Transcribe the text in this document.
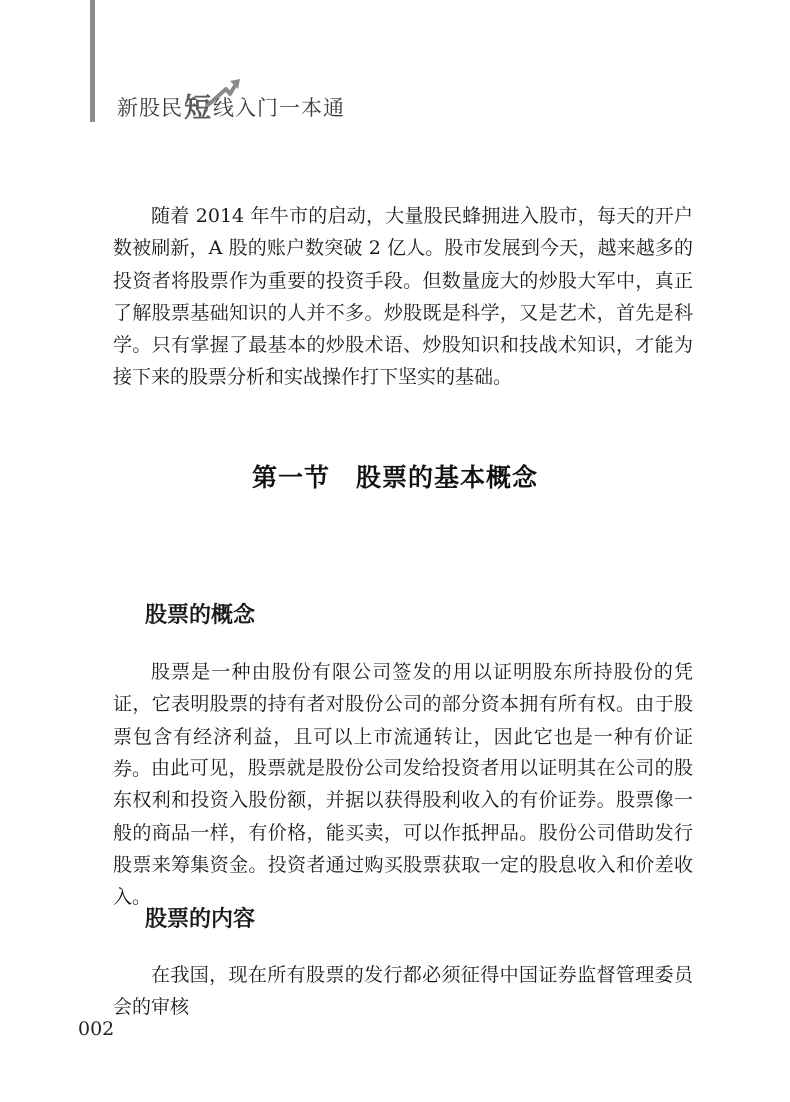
新股民 短 线入门一本通

随着 2014 年牛市的启动，大量股民蜂拥进入股市，每天的开户数被刷新，A 股的账户数突破 2 亿人。股市发展到今天，越来越多的投资者将股票作为重要的投资手段。但数量庞大的炒股大军中，真正了解股票基础知识的人并不多。炒股既是科学，又是艺术，首先是科学。只有掌握了最基本的炒股术语、炒股知识和技战术知识，才能为接下来的股票分析和实战操作打下坚实的基础。

第一节　股票的基本概念
股票的概念

股票是一种由股份有限公司签发的用以证明股东所持股份的凭证，它表明股票的持有者对股份公司的部分资本拥有所有权。由于股票包含有经济利益，且可以上市流通转让，因此它也是一种有价证券。 由此可见，股票就是股份公司发给投资者用以证明其在公司的股东权利和投资入股份额，并据以获得股利收入的有价证券。股票像一般的商品一样，有价格，能买卖，可以作抵押品。股份公司借助发行股票来筹集资金。投资者通过购买股票获取一定的股息收入和价差收入。

股票的内容

在我国，现在所有股票的发行都必须征得中国证券监督管理委员会的审核

002
